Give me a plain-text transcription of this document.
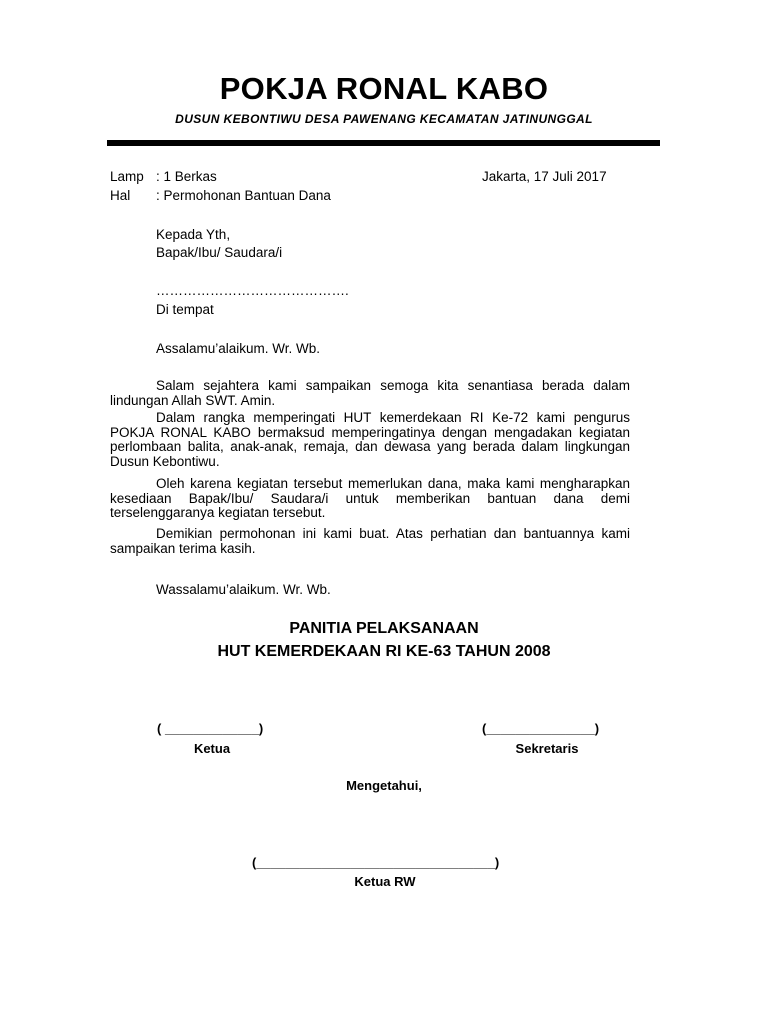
POKJA RONAL KABO
DUSUN KEBONTIWU DESA PAWENANG KECAMATAN JATINUNGGAL
Lamp : 1 Berkas	Jakarta, 17 Juli 2017
Hal : Permohonan Bantuan Dana
Kepada Yth,
Bapak/Ibu/ Saudara/i
…………………………………….
Di tempat
Assalamu’alaikum. Wr. Wb.
Salam sejahtera kami sampaikan semoga kita senantiasa berada dalam lindungan Allah SWT. Amin.
Dalam rangka memperingati HUT kemerdekaan RI Ke-72 kami pengurus POKJA RONAL KABO bermaksud memperingatinya dengan mengadakan kegiatan perlombaan balita, anak-anak, remaja, dan dewasa yang berada dalam lingkungan Dusun Kebontiwu.
Oleh karena kegiatan tersebut memerlukan dana, maka kami mengharapkan kesediaan Bapak/Ibu/ Saudara/i untuk memberikan bantuan dana demi terselenggaranya kegiatan tersebut.
Demikian permohonan ini kami buat. Atas perhatian dan bantuannya kami sampaikan terima kasih.
Wassalamu’alaikum. Wr. Wb.
PANITIA PELAKSANAAN
HUT KEMERDEKAAN RI KE-63 TAHUN 2008
( _____________)
Ketua
(_______________)
Sekretaris
Mengetahui,
(_________________________________)
Ketua RW
